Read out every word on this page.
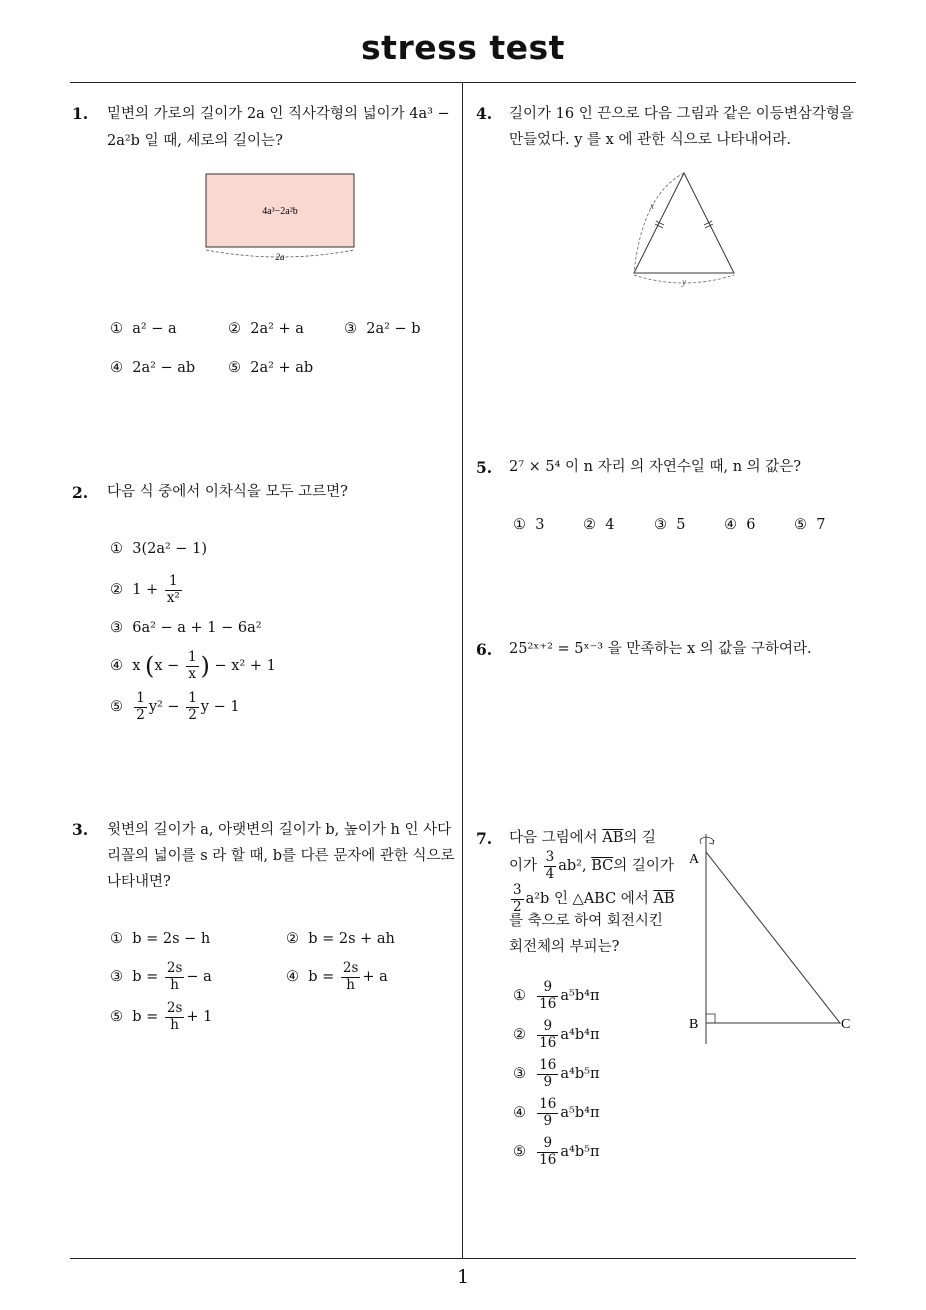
stress test
1
1. 밑변의 가로의 길이가 2a 인 직사각형의 넓이가 4a³ −
2a²b 일 때, 세로의 길이는?
4a³−2a²b
2a
① a² − a	② 2a² + a	③ 2a² − b
④ 2a² − ab ⑤ 2a² + ab
2. 다음 식 중에서 이차식을 모두 고르면?
① 3(2a² − 1)
② $1 + \frac{1}{\text{x²}}$
③ 6a² − a + 1 − 6a²
④ x ($x - \frac{1}{x}$ ) − x² + 1
⑤ $\frac{1}{2} y^2 - \frac{1}{2}$ y − 1
3. 윗변의 길이가 a, 아랫변의 길이가 b, 높이가 h 인 사다
리꼴의 넓이를 s 라 할 때, b를 다른 문자에 관한 식으로
나타내면?
① b = 2s − h	② b = 2s + ah
③ $b = \frac{2s}{h} - a$	④ $b = \frac{2s}{h} + a$
⑤ $b = \frac{2s}{h} + 1$
4. 길이가 16 인 끈으로 다음 그림과 같은 이등변삼각형을
만들었다. y 를 x 에 관한 식으로 나타내어라.
x
y
5. 2⁷ × 5⁴ 이 n 자리 의 자연수일 때, n 의 값은?
① 3	② 4	③ 5	④ 6	⑤ 7
6. 25²ˣ⁺² = 5ˣ⁻³ 을 만족하는 x 의 값을 구하여라.
7. 다음 그림에서 $\overline{AB}$의 길
이가 $\frac{3}{4} ab^2$, $\overline{BC}$의 길이가
$\frac{3}{2} a^2b$ 인 △ABC 에서 $\overline{AB}$
를 축으로 하여 회전시킨
회전체의 부피는?
A
B	C
① $\frac{9}{16} a^5b^4\pi$
② $\frac{9}{16} a^4b^4\pi$
③ $\frac{16}{9} a^4b^5\pi$
④ $\frac{16}{9} a^5b^4\pi$
⑤ $\frac{9}{16} a^4b^5\pi$
